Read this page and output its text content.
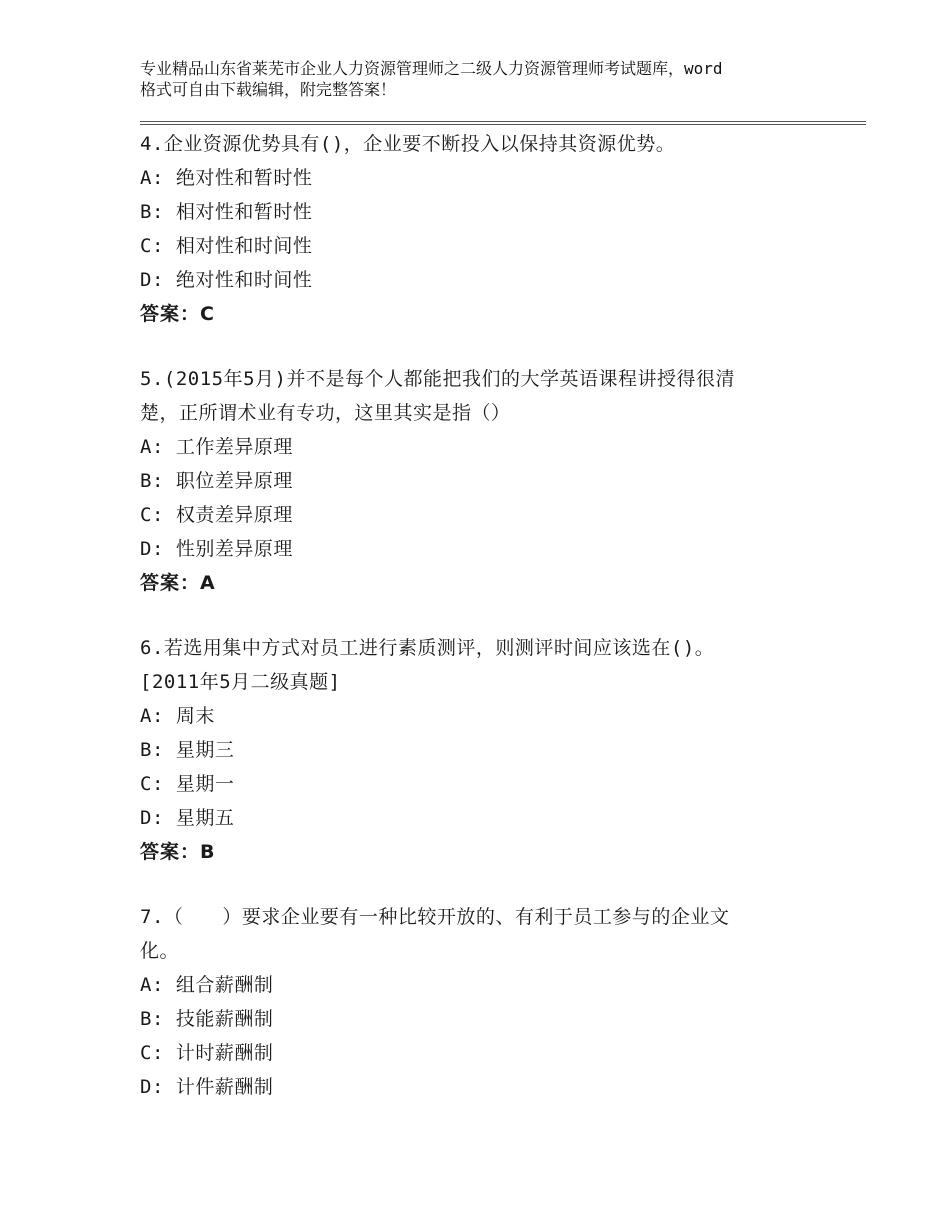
专业精品山东省莱芜市企业人力资源管理师之二级人力资源管理师考试题库，word
格式可自由下载编辑，附完整答案！
4.企业资源优势具有()，企业要不断投入以保持其资源优势。
A: 绝对性和暂时性
B: 相对性和暂时性
C: 相对性和时间性
D: 绝对性和时间性
答案：C
5.(2015年5月)并不是每个人都能把我们的大学英语课程讲授得很清
楚，正所谓术业有专功，这里其实是指（）
A: 工作差异原理
B: 职位差异原理
C: 权责差异原理
D: 性别差异原理
答案：A
6.若选用集中方式对员工进行素质测评，则测评时间应该选在()。
[2011年5月二级真题]
A: 周末
B: 星期三
C: 星期一
D: 星期五
答案：B
7.（　　）要求企业要有一种比较开放的、有利于员工参与的企业文
化。
A: 组合薪酬制
B: 技能薪酬制
C: 计时薪酬制
D: 计件薪酬制
